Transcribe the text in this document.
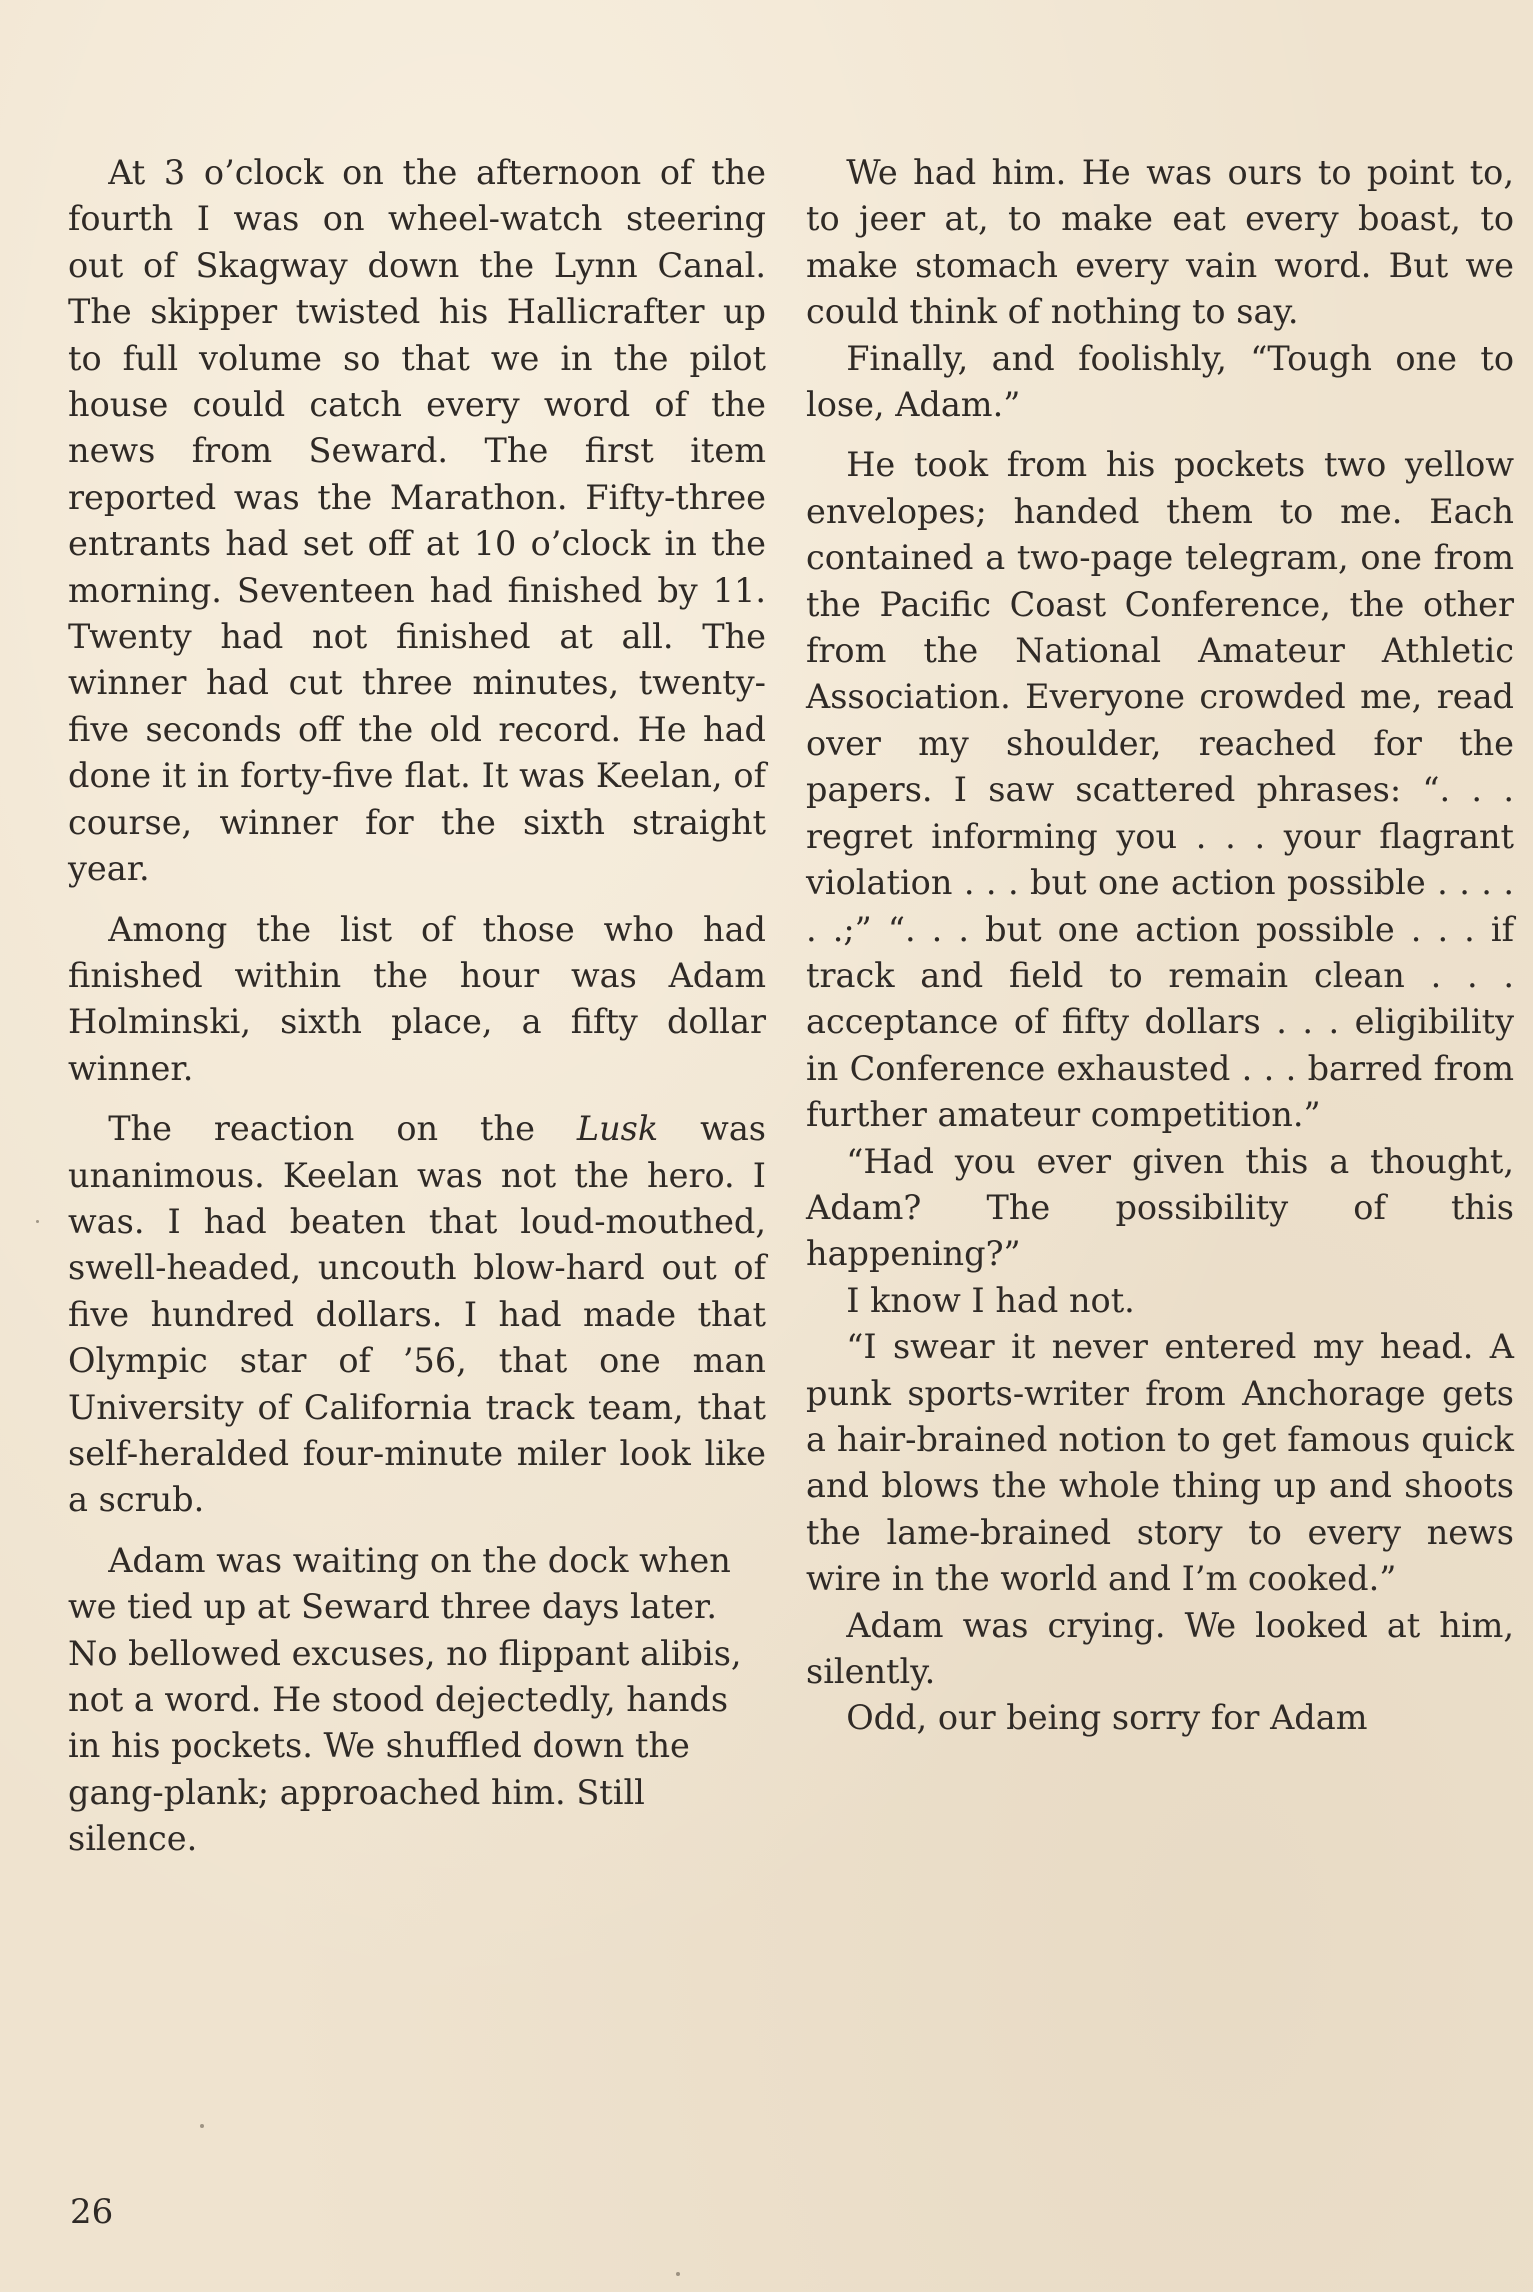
At 3 o’clock on the afternoon of the fourth I was on wheel-watch steering out of Skagway down the Lynn Canal. The skipper twisted his Hallicrafter up to full volume so that we in the pilot house could catch every word of the news from Seward. The first item reported was the Marathon. Fifty-three entrants had set off at 10 o’clock in the morning. Seventeen had finished by 11. Twenty had not finished at all. The winner had cut three minutes, twenty-five seconds off the old record. He had done it in forty-five flat. It was Keelan, of course, winner for the sixth straight year.

Among the list of those who had finished within the hour was Adam Holminski, sixth place, a fifty dollar winner.

The reaction on the Lusk was unanimous. Keelan was not the hero. I was. I had beaten that loud-mouthed, swell-headed, uncouth blow-hard out of five hundred dollars. I had made that Olympic star of ’56, that one man University of California track team, that self-heralded four-minute miler look like a scrub.

Adam was waiting on the dock when we tied up at Seward three days later. No bellowed excuses, no flippant alibis, not a word. He stood dejectedly, hands in his pockets. We shuffled down the gang-plank; approached him. Still silence.

We had him. He was ours to point to, to jeer at, to make eat every boast, to make stomach every vain word. But we could think of nothing to say.

Finally, and foolishly, “Tough one to lose, Adam.”

He took from his pockets two yellow envelopes; handed them to me. Each contained a two-page telegram, one from the Pacific Coast Conference, the other from the National Amateur Athletic Association. Everyone crowded me, read over my shoulder, reached for the papers. I saw scattered phrases: “. . . regret informing you . . . your flagrant violation . . . but one action possible . . . . . .;” “. . . but one action possible . . . if track and field to remain clean . . . acceptance of fifty dollars . . . eligibility in Conference exhausted . . . barred from further amateur competition.”

“Had you ever given this a thought, Adam? The possibility of this happening?”

I know I had not.

“I swear it never entered my head. A punk sports-writer from Anchorage gets a hair-brained notion to get famous quick and blows the whole thing up and shoots the lame-brained story to every news wire in the world and I’m cooked.”

Adam was crying. We looked at him, silently.

Odd, our being sorry for Adam

26
